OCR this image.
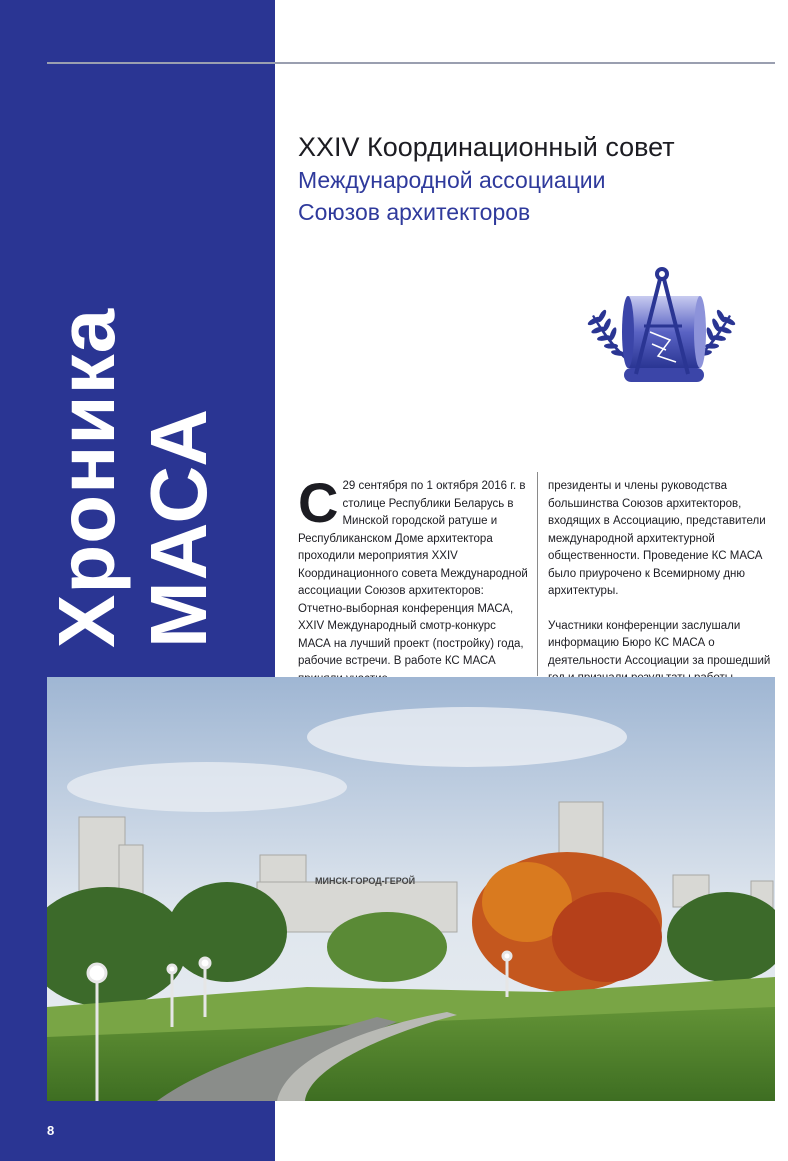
Хроника МАСА
XXIV Координационный совет
Международной ассоциации
Союзов архитекторов
С 29 сентября по 1 октября 2016 г. в столице Республики Беларусь в Минской городской ратуше и Республиканском Доме архитектора проходили мероприятия XXIV Координационного совета Международной ассоциации Союзов архитекторов: Отчетно-выборная конференция МАСА, XXIV Международный смотр-конкурс МАСА на лучший проект (постройку) года, рабочие встречи. В работе КС МАСА

президенты и члены руководства большинства Союзов архитекторов, входящих в Ассоциацию, представители международной архитектурной общественности. Проведение КС МАСА было приурочено к Всемирному дню архитектуры.

Участники конференции заслушали информацию Бюро КС МАСА о деятельности Ассоциации за прошедший

МИНСК-ГОРОД-ГЕРОЙ
8
